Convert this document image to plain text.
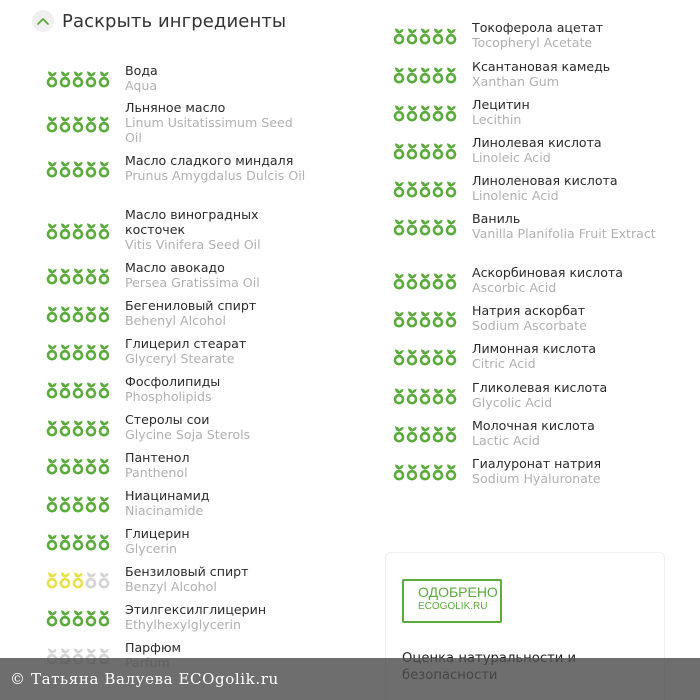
Раскрыть ингредиенты
Вода
Aqua
Льняное масло
Linum Usitatissimum Seed Oil
Масло сладкого миндаля
Prunus Amygdalus Dulcis Oil
Масло виноградных косточек
Vitis Vinifera Seed Oil
Масло авокадо
Persea Gratissima Oil
Бегениловый спирт
Behenyl Alcohol
Глицерил стеарат
Glyceryl Stearate
Фосфолипиды
Phospholipids
Стеролы сои
Glycine Soja Sterols
Пантенол
Panthenol
Ниацинамид
Niacinamide
Глицерин
Glycerin
Бензиловый спирт
Benzyl Alcohol
Этилгексилглицерин
Ethylhexylglycerin
Парфюм
Токоферола ацетат
Tocopheryl Acetate
Ксантановая камедь
Xanthan Gum
Лецитин
Lecithin
Линолевая кислота
Linoleic Acid
Линоленовая кислота
Linolenic Acid
Ваниль
Vanilla Planifolia Fruit Extract
Аскорбиновая кислота
Ascorbic Acid
Натрия аскорбат
Sodium Ascorbate
Лимонная кислота
Citric Acid
Гликолевая кислота
Glycolic Acid
Молочная кислота
Lactic Acid
Гиалуронат натрия
Sodium Hyaluronate
ОДОБРЕНО
ECOGOLIK.RU
© Татьяна Валуева ECOgolik.ru
